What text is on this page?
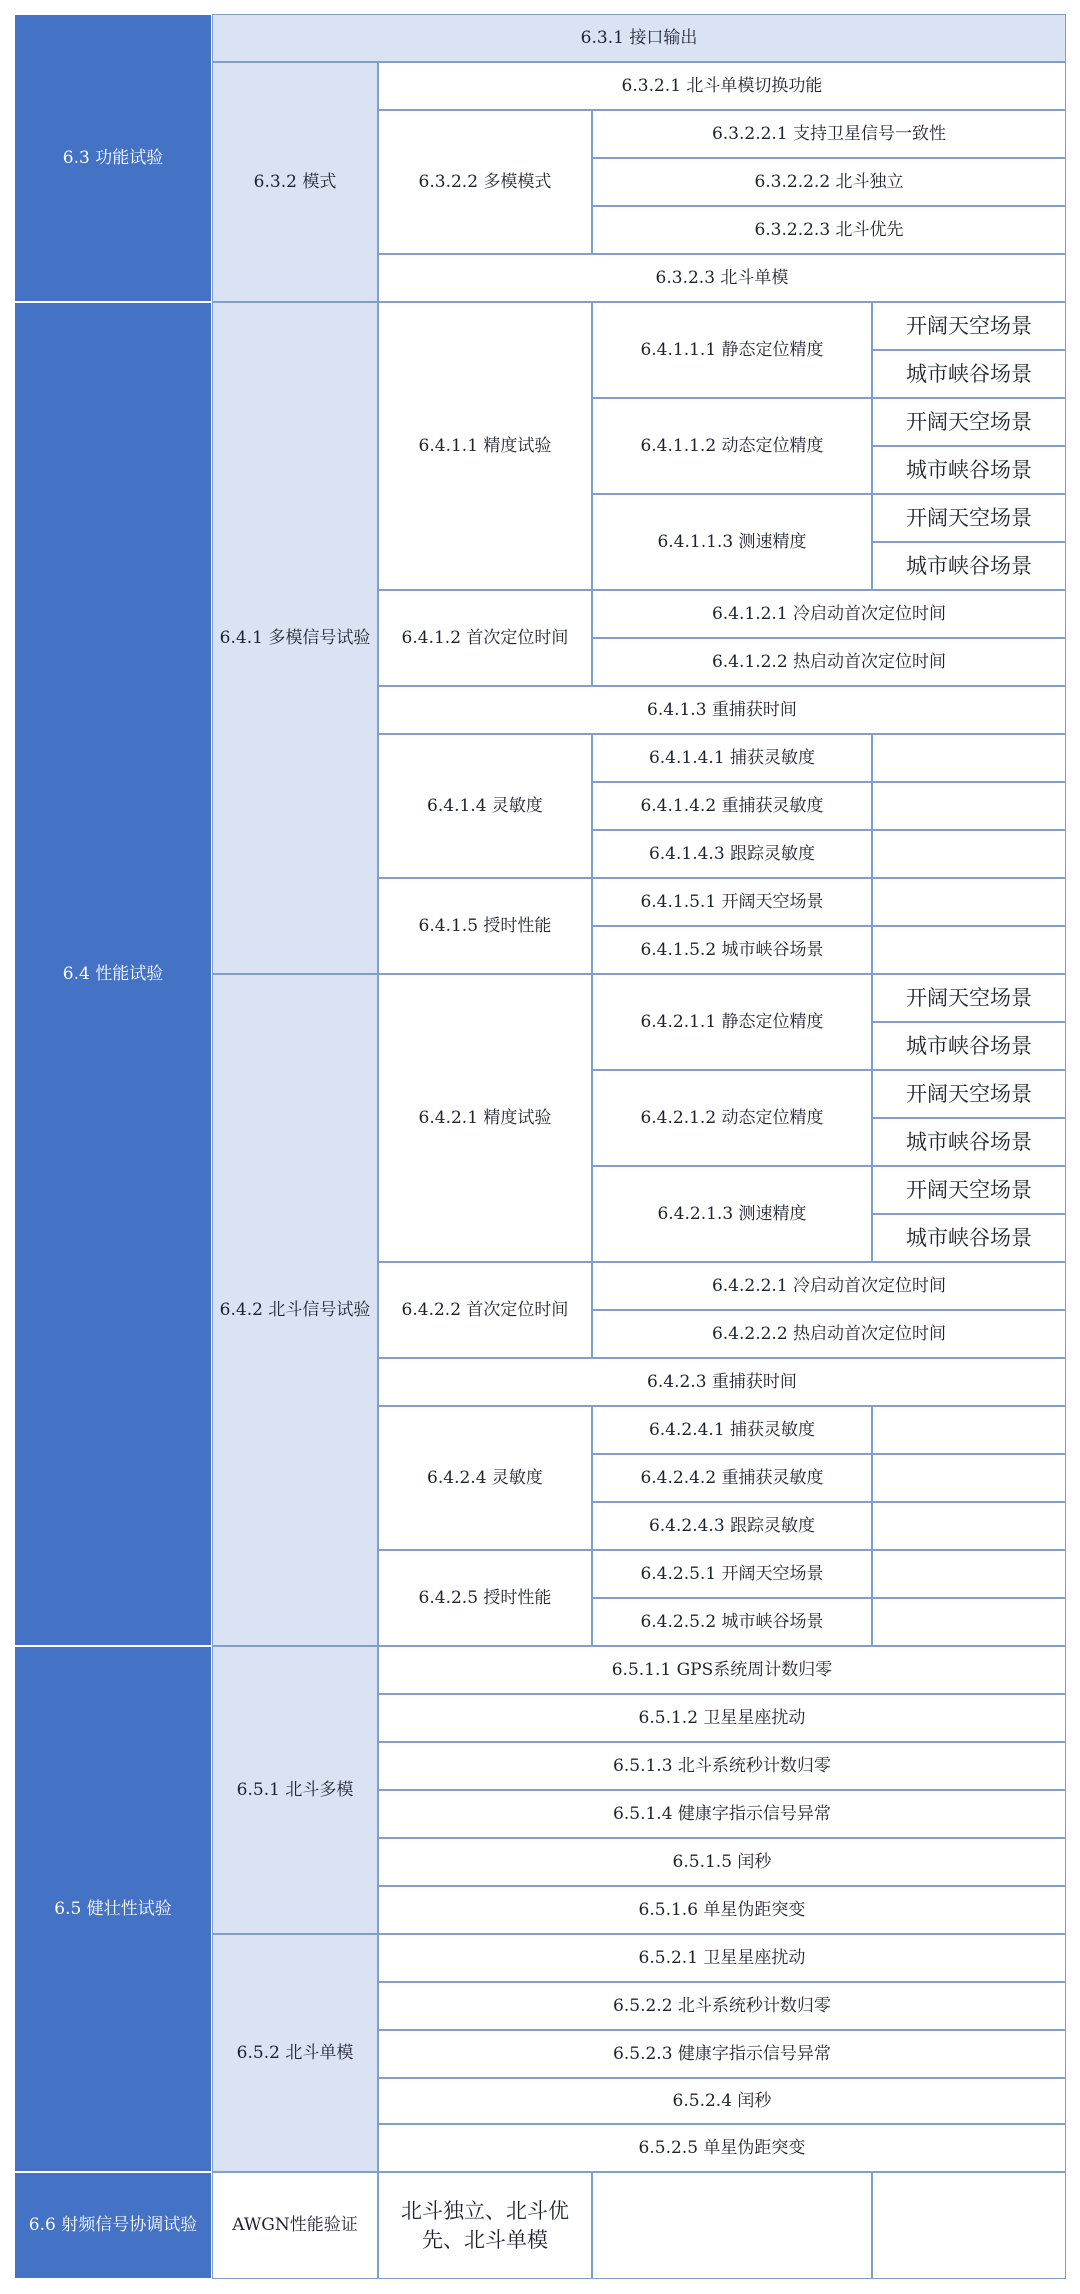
6.3 功能试验
6.4 性能试验
6.5 健壮性试验
6.6 射频信号协调试验
6.3.1 接口输出
6.3.2 模式
6.3.2.1 北斗单模切换功能
6.3.2.2 多模模式
6.3.2.2.1 支持卫星信号一致性
6.3.2.2.2 北斗独立
6.3.2.2.3 北斗优先
6.3.2.3 北斗单模
6.4.1 多模信号试验
6.4.1.1 精度试验
6.4.1.1.1 静态定位精度
开阔天空场景
城市峡谷场景
6.4.1.1.2 动态定位精度
开阔天空场景
城市峡谷场景
6.4.1.1.3 测速精度
开阔天空场景
城市峡谷场景
6.4.1.2 首次定位时间
6.4.1.2.1 冷启动首次定位时间
6.4.1.2.2 热启动首次定位时间
6.4.1.3 重捕获时间
6.4.1.4 灵敏度
6.4.1.4.1 捕获灵敏度
6.4.1.4.2 重捕获灵敏度
6.4.1.4.3 跟踪灵敏度
6.4.1.5 授时性能
6.4.1.5.1 开阔天空场景
6.4.1.5.2 城市峡谷场景
6.4.2 北斗信号试验
6.4.2.1 精度试验
6.4.2.1.1 静态定位精度
开阔天空场景
城市峡谷场景
6.4.2.1.2 动态定位精度
开阔天空场景
城市峡谷场景
6.4.2.1.3 测速精度
开阔天空场景
城市峡谷场景
6.4.2.2 首次定位时间
6.4.2.2.1 冷启动首次定位时间
6.4.2.2.2 热启动首次定位时间
6.4.2.3 重捕获时间
6.4.2.4 灵敏度
6.4.2.4.1 捕获灵敏度
6.4.2.4.2 重捕获灵敏度
6.4.2.4.3 跟踪灵敏度
6.4.2.5 授时性能
6.4.2.5.1 开阔天空场景
6.4.2.5.2 城市峡谷场景
6.5.1 北斗多模
6.5.1.1 GPS系统周计数归零
6.5.1.2 卫星星座扰动
6.5.1.3 北斗系统秒计数归零
6.5.1.4 健康字指示信号异常
6.5.1.5 闰秒
6.5.1.6 单星伪距突变
6.5.2 北斗单模
6.5.2.1 卫星星座扰动
6.5.2.2 北斗系统秒计数归零
6.5.2.3 健康字指示信号异常
6.5.2.4 闰秒
6.5.2.5 单星伪距突变
AWGN性能验证
北斗独立、北斗优先、北斗单模
